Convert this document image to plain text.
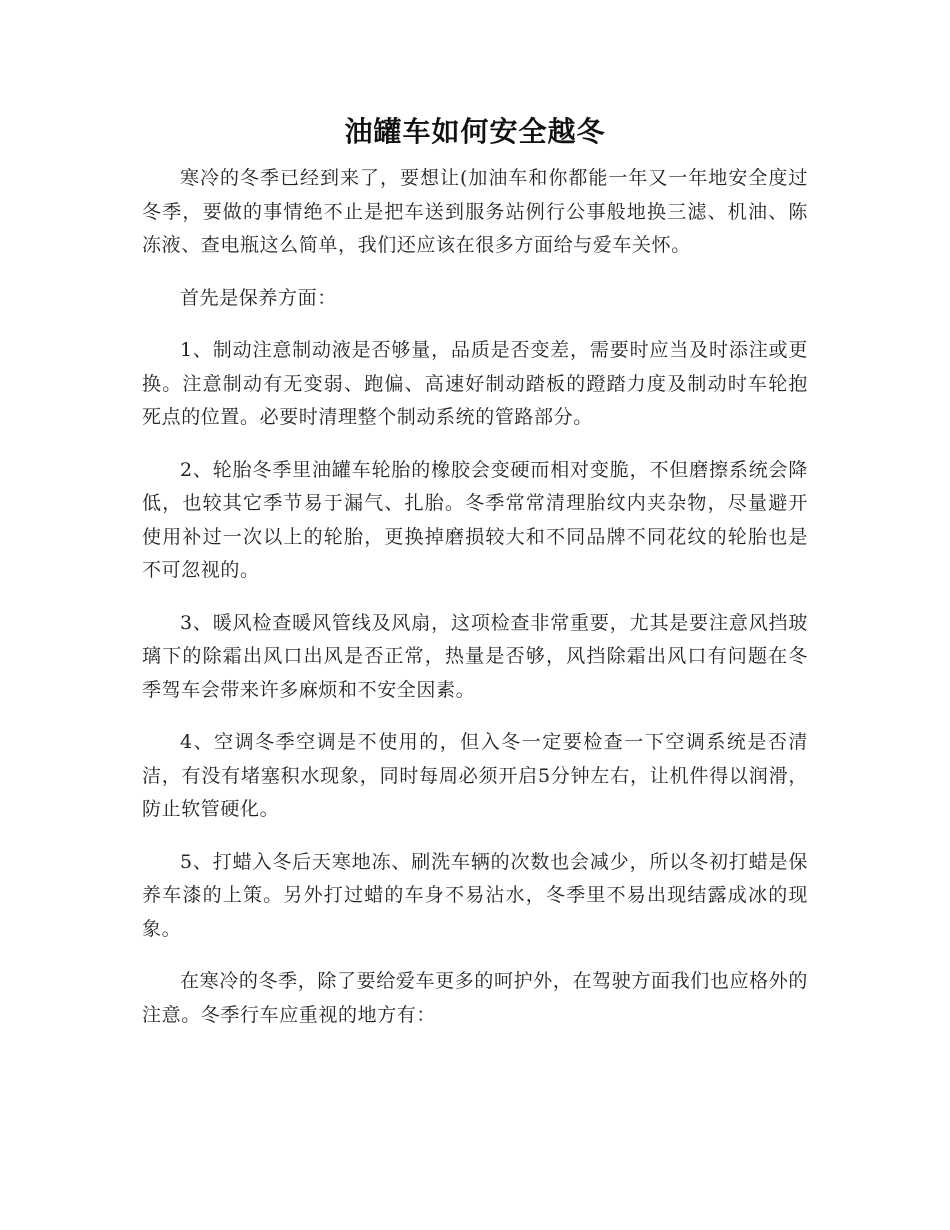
油罐车如何安全越冬

寒冷的冬季已经到来了，要想让(加油车和你都能一年又一年地安全度过冬季，要做的事情绝不止是把车送到服务站例行公事般地换三滤、机油、陈冻液、查电瓶这么简单，我们还应该在很多方面给与爱车关怀。

首先是保养方面：

1、制动注意制动液是否够量，品质是否变差，需要时应当及时添注或更换。注意制动有无变弱、跑偏、高速好制动踏板的蹬踏力度及制动时车轮抱死点的位置。必要时清理整个制动系统的管路部分。

2、轮胎冬季里油罐车轮胎的橡胶会变硬而相对变脆，不但磨擦系统会降低，也较其它季节易于漏气、扎胎。冬季常常清理胎纹内夹杂物，尽量避开使用补过一次以上的轮胎，更换掉磨损较大和不同品牌不同花纹的轮胎也是不可忽视的。

3、暖风检查暖风管线及风扇，这项检查非常重要，尤其是要注意风挡玻璃下的除霜出风口出风是否正常，热量是否够，风挡除霜出风口有问题在冬季驾车会带来许多麻烦和不安全因素。

4、空调冬季空调是不使用的，但入冬一定要检查一下空调系统是否清洁，有没有堵塞积水现象，同时每周必须开启5分钟左右，让机件得以润滑，防止软管硬化。

5、打蜡入冬后天寒地冻、刷洗车辆的次数也会减少，所以冬初打蜡是保养车漆的上策。另外打过蜡的车身不易沾水，冬季里不易出现结露成冰的现象。

在寒冷的冬季，除了要给爱车更多的呵护外，在驾驶方面我们也应格外的注意。冬季行车应重视的地方有：
